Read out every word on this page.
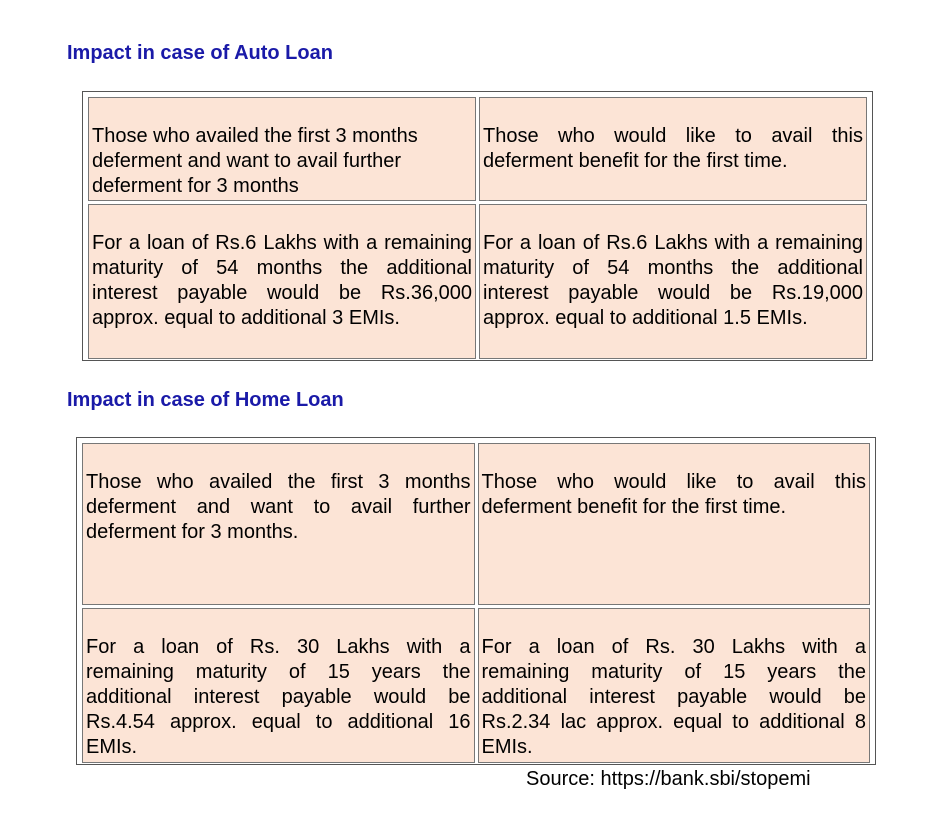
Impact in case of Auto Loan
Those who availed the first 3 months deferment and want to avail further deferment for 3 months	Those who would like to avail this deferment benefit for the first time.
For a loan of Rs.6 Lakhs with a remaining maturity of 54 months the additional interest payable would be Rs.36,000 approx. equal to additional 3 EMIs.	For a loan of Rs.6 Lakhs with a remaining maturity of 54 months the additional interest payable would be Rs.19,000 approx. equal to additional 1.5 EMIs.
Impact in case of Home Loan
Those who availed the first 3 months deferment and want to avail further deferment for 3 months.	Those who would like to avail this deferment benefit for the first time.
For a loan of Rs. 30 Lakhs with a remaining maturity of 15 years the additional interest payable would be Rs.4.54 approx. equal to additional 16 EMIs.	For a loan of Rs. 30 Lakhs with a remaining maturity of 15 years the additional interest payable would be Rs.2.34 lac approx. equal to additional 8 EMIs.

Source: https://bank.sbi/stopemi
